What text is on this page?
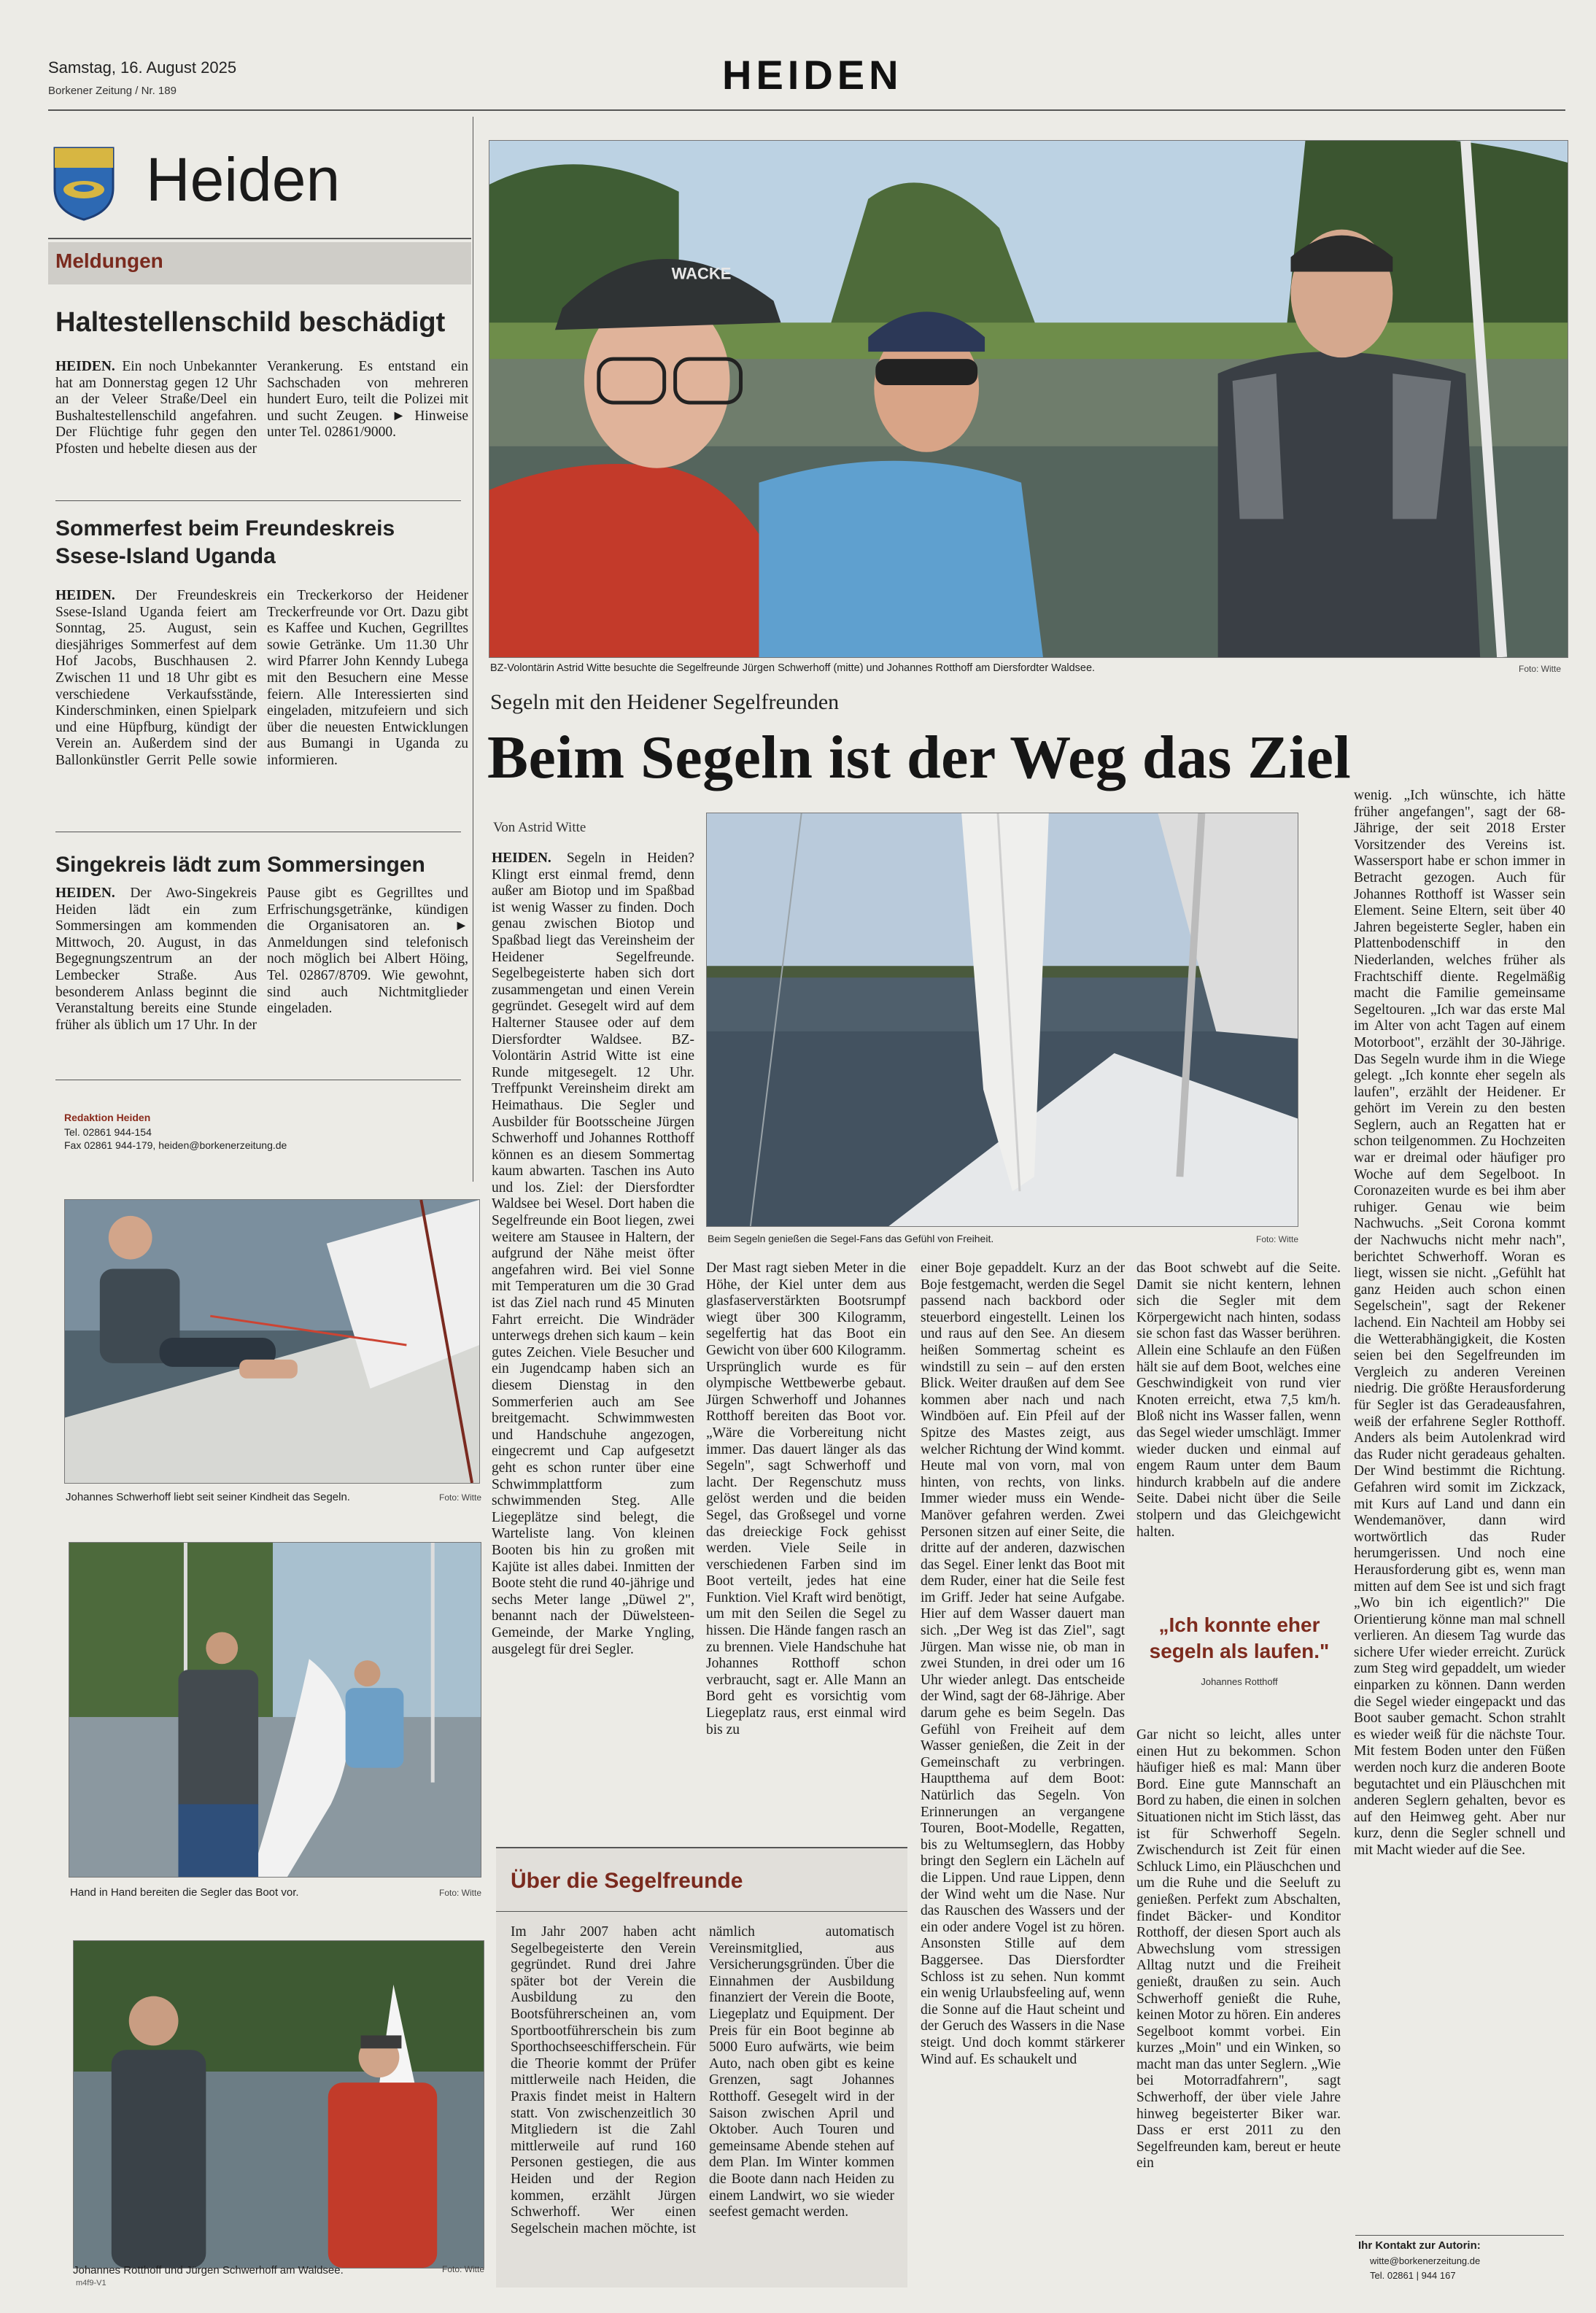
Samstag, 16. August 2025
Borkener Zeitung / Nr. 189	HEIDEN
Heiden
Meldungen
Haltestellenschild beschädigt
HEIDEN. Ein noch Unbekannter hat am Donnerstag gegen 12 Uhr an der Veleer Straße/Deel ein Bushaltestellenschild angefahren. Der Flüchtige fuhr gegen den Pfosten und hebelte diesen aus der Verankerung. Es entstand ein Sachschaden von mehreren hundert Euro, teilt die Polizei mit und sucht Zeugen. ► Hinweise unter Tel. 02861/9000.
Sommerfest beim Freundeskreis Ssese-Island Uganda
HEIDEN. Der Freundeskreis Ssese-Island Uganda feiert am Sonntag, 25. August, sein diesjähriges Sommerfest auf dem Hof Jacobs, Buschhausen 2. Zwischen 11 und 18 Uhr gibt es verschiedene Verkaufsstände, Kinderschminken, einen Spielpark und eine Hüpfburg, kündigt der Verein an. Außerdem sind der Ballonkünstler Gerrit Pelle sowie ein Treckerkorso der Heidener Treckerfreunde vor Ort. Dazu gibt es Kaffee und Kuchen, Gegrilltes sowie Getränke. Um 11.30 Uhr wird Pfarrer John Kenndy Lubega mit den Besuchern eine Messe feiern. Alle Interessierten sind eingeladen, mitzufeiern und sich über die neuesten Entwicklungen aus Bumangi in Uganda zu informieren.
Singekreis lädt zum Sommersingen
HEIDEN. Der Awo-Singekreis Heiden lädt ein zum Sommersingen am kommenden Mittwoch, 20. August, in das Begegnungszentrum an der Lembecker Straße. Aus besonderem Anlass beginnt die Veranstaltung bereits eine Stunde früher als üblich um 17 Uhr. In der Pause gibt es Gegrilltes und Erfrischungsgetränke, kündigen die Organisatoren an. ► Anmeldungen sind telefonisch noch möglich bei Albert Höing, Tel. 02867/8709. Wie gewohnt, sind auch Nichtmitglieder eingeladen.
Redaktion Heiden
Tel. 02861 944-154
Fax 02861 944-179, heiden@borkenerzeitung.de
Johannes Schwerhoff liebt seit seiner Kindheit das Segeln.	Foto: Witte
Hand in Hand bereiten die Segler das Boot vor.	Foto: Witte
Johannes Rotthoff und Jürgen Schwerhoff am Waldsee.	Foto: Witte
m4f9-V1
WACKE
BZ-Volontärin Astrid Witte besuchte die Segelfreunde Jürgen Schwerhoff (mitte) und Johannes Rotthoff am Diersfordter Waldsee.	Foto: Witte
Segeln mit den Heidener Segelfreunden
Beim Segeln ist der Weg das Ziel
Von Astrid Witte
Beim Segeln genießen die Segel-Fans das Gefühl von Freiheit.	Foto: Witte
HEIDEN. Segeln in Heiden? Klingt erst einmal fremd, denn außer am Biotop und im Spaßbad ist wenig Wasser zu finden. Doch genau zwischen Biotop und Spaßbad liegt das Vereinsheim der Heidener Segelfreunde. Segelbegeisterte haben sich dort zusammengetan und einen Verein gegründet. Gesegelt wird auf dem Halterner Stausee oder auf dem Diersfordter Waldsee. BZ-Volontärin Astrid Witte ist eine Runde mitgesegelt. 12 Uhr. Treffpunkt Vereinsheim direkt am Heimathaus. Die Segler und Ausbilder für Bootsscheine Jürgen Schwerhoff und Johannes Rotthoff können es an diesem Sommertag kaum abwarten. Taschen ins Auto und los. Ziel: der Diersfordter Waldsee bei Wesel. Dort haben die Segelfreunde ein Boot liegen, zwei weitere am Stausee in Haltern, der aufgrund der Nähe meist öfter angefahren wird. Bei viel Sonne mit Temperaturen um die 30 Grad ist das Ziel nach rund 45 Minuten Fahrt erreicht. Die Windräder unterwegs drehen sich kaum – kein gutes Zeichen. Viele Besucher und ein Jugendcamp haben sich an diesem Dienstag in den Sommerferien auch am See breitgemacht. Schwimmwesten und Handschuhe angezogen, eingecremt und Cap aufgesetzt geht es schon runter über eine Schwimmplattform zum schwimmenden Steg. Alle Liegeplätze sind belegt, die Warteliste lang. Von kleinen Booten bis hin zu großen mit Kajüte ist alles dabei. Inmitten der Boote steht die rund 40-jährige und sechs Meter lange „Düwel 2", benannt nach der Düwelsteen-Gemeinde, der Marke Yngling, ausgelegt für drei Segler.
Der Mast ragt sieben Meter in die Höhe, der Kiel unter dem aus glasfaserverstärkten Bootsrumpf wiegt über 300 Kilogramm, segelfertig hat das Boot ein Gewicht von über 600 Kilogramm. Ursprünglich wurde es für olympische Wettbewerbe gebaut. Jürgen Schwerhoff und Johannes Rotthoff bereiten das Boot vor. „Wäre die Vorbereitung nicht immer. Das dauert länger als das Segeln", sagt Schwerhoff und lacht. Der Regenschutz muss gelöst werden und die beiden Segel, das Großsegel und vorne das dreieckige Fock gehisst werden. Viele Seile in verschiedenen Farben sind im Boot verteilt, jedes hat eine Funktion. Viel Kraft wird benötigt, um mit den Seilen die Segel zu hissen. Die Hände fangen rasch an zu brennen. Viele Handschuhe hat Johannes Rotthoff schon verbraucht, sagt er. Alle Mann an Bord geht es vorsichtig vom Liegeplatz raus, erst einmal wird bis zu
einer Boje gepaddelt. Kurz an der Boje festgemacht, werden die Segel passend nach backbord oder steuerbord eingestellt. Leinen los und raus auf den See. An diesem heißen Sommertag scheint es windstill zu sein – auf den ersten Blick. Weiter draußen auf dem See kommen aber nach und nach Windböen auf. Ein Pfeil auf der Spitze des Mastes zeigt, aus welcher Richtung der Wind kommt. Heute mal von vorn, mal von hinten, von rechts, von links. Immer wieder muss ein Wende-Manöver gefahren werden. Zwei Personen sitzen auf einer Seite, die dritte auf der anderen, dazwischen das Segel. Einer lenkt das Boot mit dem Ruder, einer hat die Seile fest im Griff. Jeder hat seine Aufgabe. Hier auf dem Wasser dauert man sich. „Der Weg ist das Ziel", sagt Jürgen. Man wisse nie, ob man in zwei Stunden, in drei oder um 16 Uhr wieder anlegt. Das entscheide der Wind, sagt der 68-Jährige. Aber darum gehe es beim Segeln. Das Gefühl von Freiheit auf dem Wasser genießen, die Zeit in der Gemeinschaft zu verbringen. Hauptthema auf dem Boot: Natürlich das Segeln. Von Erinnerungen an vergangene Touren, Boot-Modelle, Regatten, bis zu Weltumseglern, das Hobby bringt den Seglern ein Lächeln auf die Lippen. Und raue Lippen, denn der Wind weht um die Nase. Nur das Rauschen des Wassers und der ein oder andere Vogel ist zu hören. Ansonsten Stille auf dem Baggersee. Das Diersfordter Schloss ist zu sehen. Nun kommt ein wenig Urlaubsfeeling auf, wenn die Sonne auf die Haut scheint und der Geruch des Wassers in die Nase steigt. Und doch kommt stärkerer Wind auf. Es schaukelt und
das Boot schwebt auf die Seite. Damit sie nicht kentern, lehnen sich die Segler mit dem Körpergewicht nach hinten, sodass sie schon fast das Wasser berühren. Allein eine Schlaufe an den Füßen hält sie auf dem Boot, welches eine Geschwindigkeit von rund vier Knoten erreicht, etwa 7,5 km/h. Bloß nicht ins Wasser fallen, wenn das Segel wieder umschlägt. Immer wieder ducken und einmal auf engem Raum unter dem Baum hindurch krabbeln auf die andere Seite. Dabei nicht über die Seile stolpern und das Gleichgewicht halten.
„Ich konnte eher segeln als laufen."
Johannes Rotthoff
Gar nicht so leicht, alles unter einen Hut zu bekommen. Schon häufiger hieß es mal: Mann über Bord. Eine gute Mannschaft an Bord zu haben, die einen in solchen Situationen nicht im Stich lässt, das ist für Schwerhoff Segeln. Zwischendurch ist Zeit für einen Schluck Limo, ein Pläuschchen und um die Ruhe und die Seeluft zu genießen. Perfekt zum Abschalten, findet Bäcker- und Konditor Rotthoff, der diesen Sport auch als Abwechslung vom stressigen Alltag nutzt und die Freiheit genießt, draußen zu sein. Auch Schwerhoff genießt die Ruhe, keinen Motor zu hören. Ein anderes Segelboot kommt vorbei. Ein kurzes „Moin" und ein Winken, so macht man das unter Seglern. „Wie bei Motorradfahrern", sagt Schwerhoff, der über viele Jahre hinweg begeisterter Biker war. Dass er erst 2011 zu den Segelfreunden kam, bereut er heute ein
wenig. „Ich wünschte, ich hätte früher angefangen", sagt der 68-Jährige, der seit 2018 Erster Vorsitzender des Vereins ist. Wassersport habe er schon immer in Betracht gezogen. Auch für Johannes Rotthoff ist Wasser sein Element. Seine Eltern, seit über 40 Jahren begeisterte Segler, haben ein Plattenbodenschiff in den Niederlanden, welches früher als Frachtschiff diente. Regelmäßig macht die Familie gemeinsame Segeltouren. „Ich war das erste Mal im Alter von acht Tagen auf einem Motorboot", erzählt der 30-Jährige. Das Segeln wurde ihm in die Wiege gelegt. „Ich konnte eher segeln als laufen", erzählt der Heidener. Er gehört im Verein zu den besten Seglern, auch an Regatten hat er schon teilgenommen. Zu Hochzeiten war er dreimal oder häufiger pro Woche auf dem Segelboot. In Coronazeiten wurde es bei ihm aber ruhiger. Genau wie beim Nachwuchs. „Seit Corona kommt der Nachwuchs nicht mehr nach", berichtet Schwerhoff. Woran es liegt, wissen sie nicht. „Gefühlt hat ganz Heiden auch schon einen Segelschein", sagt der Rekener lachend. Ein Nachteil am Hobby sei die Wetterabhängigkeit, die Kosten seien bei den Segelfreunden im Vergleich zu anderen Vereinen niedrig. Die größte Herausforderung für Segler ist das Geradeausfahren, weiß der erfahrene Segler Rotthoff. Anders als beim Autolenkrad wird das Ruder nicht geradeaus gehalten. Der Wind bestimmt die Richtung. Gefahren wird somit im Zickzack, mit Kurs auf Land und dann ein Wendemanöver, dann wird wortwörtlich das Ruder herumgerissen. Und noch eine Herausforderung gibt es, wenn man mitten auf dem See ist und sich fragt „Wo bin ich eigentlich?" Die Orientierung könne man mal schnell verlieren. An diesem Tag wurde das sichere Ufer wieder erreicht. Zurück zum Steg wird gepaddelt, um wieder einparken zu können. Dann werden die Segel wieder eingepackt und das Boot sauber gemacht. Schon strahlt es wieder weiß für die nächste Tour. Mit festem Boden unter den Füßen werden noch kurz die anderen Boote begutachtet und ein Pläuschchen mit anderen Seglern gehalten, bevor es auf den Heimweg geht. Aber nur kurz, denn die Segler schnell und mit Macht wieder auf die See.
Über die Segelfreunde
Im Jahr 2007 haben acht Segelbegeisterte den Verein gegründet. Rund drei Jahre später bot der Verein die Ausbildung zu den Bootsführerscheinen an, vom Sportbootführerschein bis zum Sporthochseeschifferschein. Für die Theorie kommt der Prüfer mittlerweile nach Heiden, die Praxis findet meist in Haltern statt. Von zwischenzeitlich 30 Mitgliedern ist die Zahl mittlerweile auf rund 160 Personen gestiegen, die aus Heiden und der Region kommen, erzählt Jürgen Schwerhoff. Wer einen Segelschein machen möchte, ist nämlich automatisch Vereinsmitglied, aus Versicherungsgründen. Über die Einnahmen der Ausbildung finanziert der Verein die Boote, Liegeplatz und Equipment. Der Preis für ein Boot beginne ab 5000 Euro aufwärts, wie beim Auto, nach oben gibt es keine Grenzen, sagt Johannes Rotthoff. Gesegelt wird in der Saison zwischen April und Oktober. Auch Touren und gemeinsame Abende stehen auf dem Plan. Im Winter kommen die Boote dann nach Heiden zu einem Landwirt, wo sie wieder seefest gemacht werden.
Ihr Kontakt zur Autorin:
witte@borkenerzeitung.de
Tel. 02861 | 944 167
